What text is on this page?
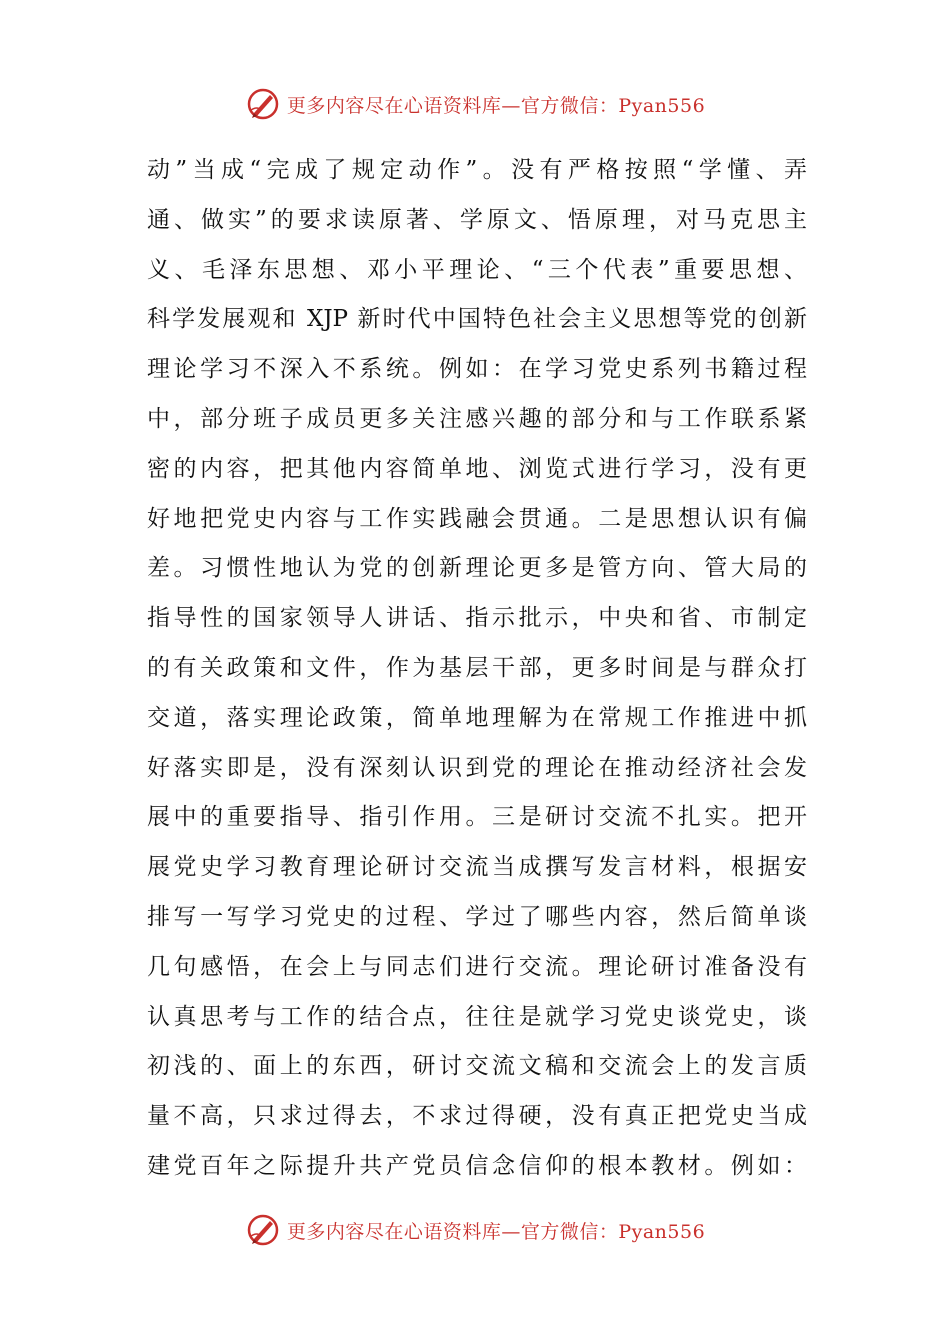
更多内容尽在心语资料库—官方微信：Pyan556
动”当成“完成了规定动作”。没有严格按照“学懂、弄
通、做实”的要求读原著、学原文、悟原理，对马克思主
义、毛泽东思想、邓小平理论、“三个代表”重要思想、
科学发展观和 XJP 新时代中国特色社会主义思想等党的创新
理论学习不深入不系统。例如：在学习党史系列书籍过程
中，部分班子成员更多关注感兴趣的部分和与工作联系紧
密的内容，把其他内容简单地、浏览式进行学习，没有更
好地把党史内容与工作实践融会贯通。二是思想认识有偏
差。习惯性地认为党的创新理论更多是管方向、管大局的
指导性的国家领导人讲话、指示批示，中央和省、市制定
的有关政策和文件，作为基层干部，更多时间是与群众打
交道，落实理论政策，简单地理解为在常规工作推进中抓
好落实即是，没有深刻认识到党的理论在推动经济社会发
展中的重要指导、指引作用。三是研讨交流不扎实。把开
展党史学习教育理论研讨交流当成撰写发言材料，根据安
排写一写学习党史的过程、学过了哪些内容，然后简单谈
几句感悟，在会上与同志们进行交流。理论研讨准备没有
认真思考与工作的结合点，往往是就学习党史谈党史，谈
初浅的、面上的东西，研讨交流文稿和交流会上的发言质
量不高，只求过得去，不求过得硬，没有真正把党史当成
建党百年之际提升共产党员信念信仰的根本教材。例如：
更多内容尽在心语资料库—官方微信：Pyan556
